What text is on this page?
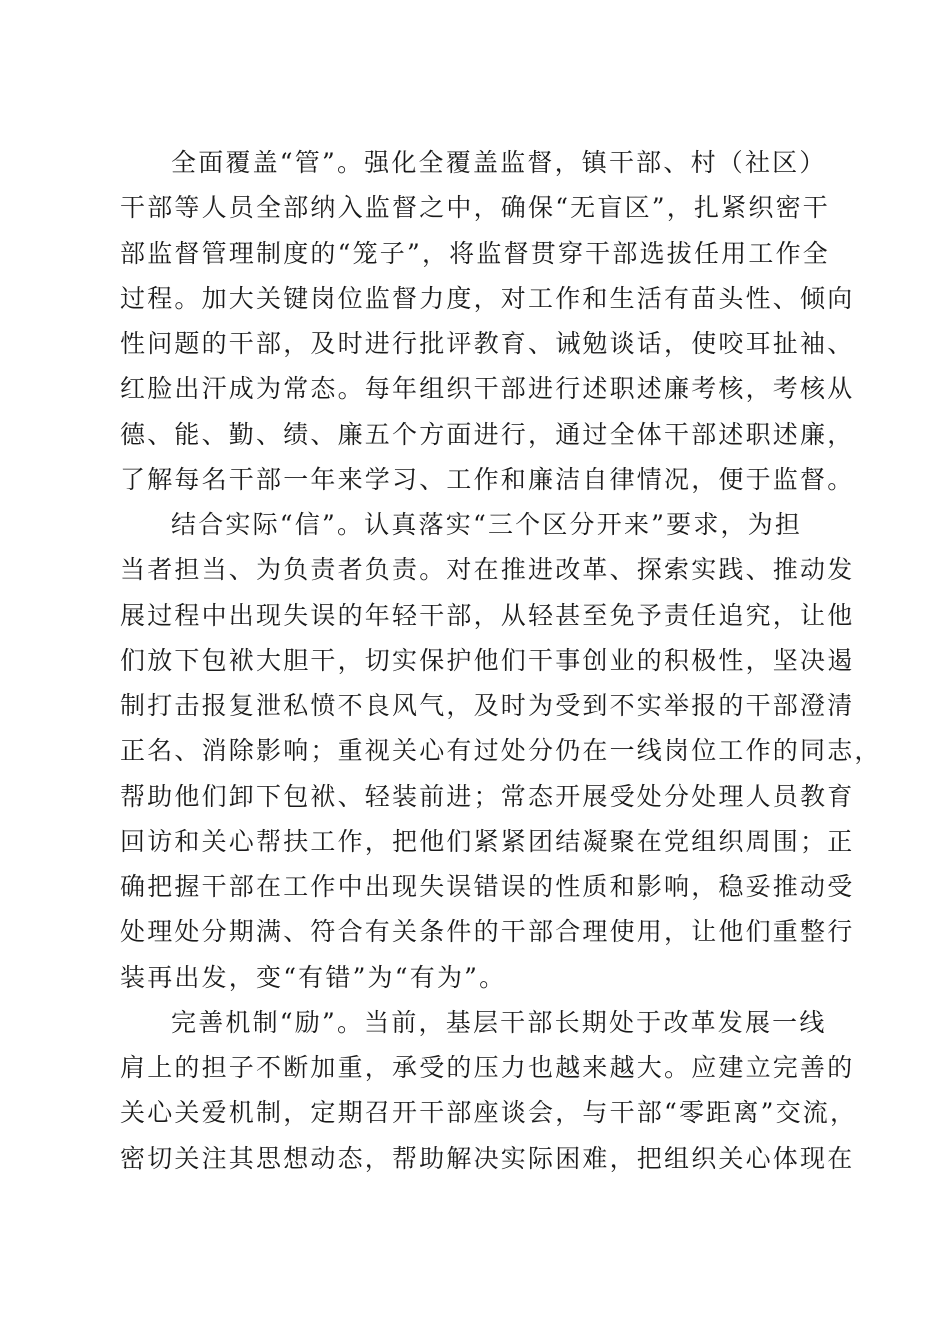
全面覆盖“管”。强化全覆盖监督，镇干部、村（社区）
干部等人员全部纳入监督之中，确保“无盲区”，扎紧织密干
部监督管理制度的“笼子”，将监督贯穿干部选拔任用工作全
过程。加大关键岗位监督力度，对工作和生活有苗头性、倾向
性问题的干部，及时进行批评教育、诫勉谈话，使咬耳扯袖、
红脸出汗成为常态。每年组织干部进行述职述廉考核，考核从
德、能、勤、绩、廉五个方面进行，通过全体干部述职述廉，
了解每名干部一年来学习、工作和廉洁自律情况，便于监督。
结合实际“信”。认真落实“三个区分开来”要求，为担
当者担当、为负责者负责。对在推进改革、探索实践、推动发
展过程中出现失误的年轻干部，从轻甚至免予责任追究，让他
们放下包袱大胆干，切实保护他们干事创业的积极性，坚决遏
制打击报复泄私愤不良风气，及时为受到不实举报的干部澄清
正名、消除影响；重视关心有过处分仍在一线岗位工作的同志，
帮助他们卸下包袱、轻装前进；常态开展受处分处理人员教育
回访和关心帮扶工作，把他们紧紧团结凝聚在党组织周围；正
确把握干部在工作中出现失误错误的性质和影响，稳妥推动受
处理处分期满、符合有关条件的干部合理使用，让他们重整行
装再出发，变“有错”为“有为”。
完善机制“励”。当前，基层干部长期处于改革发展一线
肩上的担子不断加重，承受的压力也越来越大。应建立完善的
关心关爱机制，定期召开干部座谈会，与干部“零距离”交流，
密切关注其思想动态，帮助解决实际困难，把组织关心体现在
